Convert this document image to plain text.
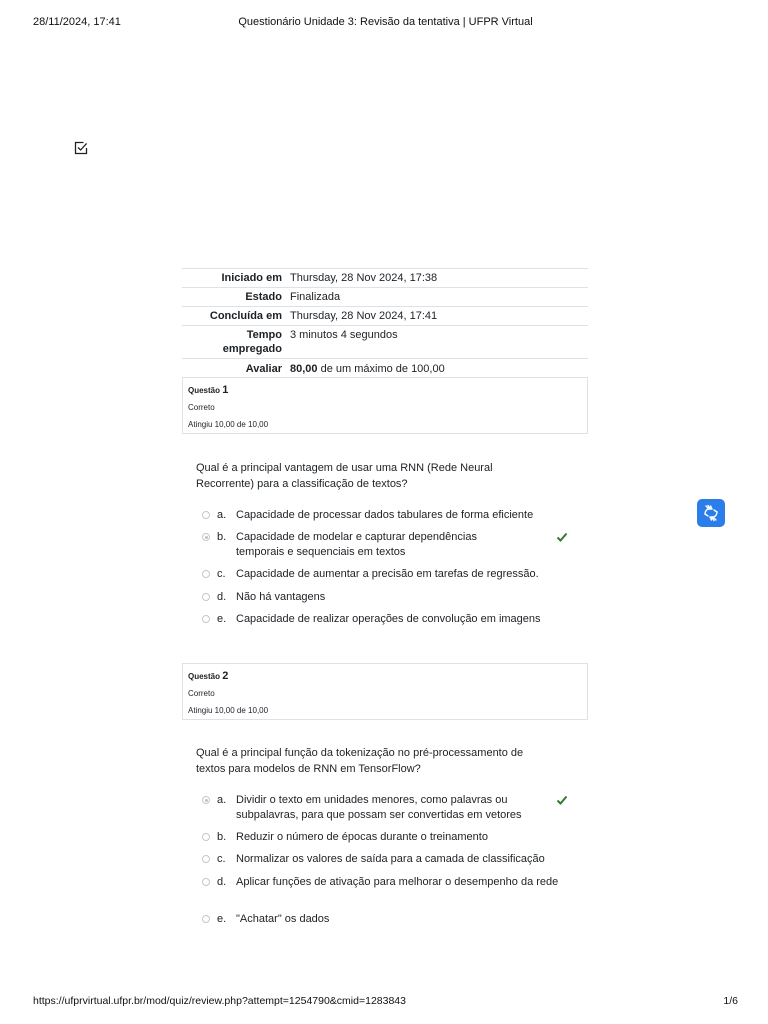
28/11/2024, 17:41	Questionário Unidade 3: Revisão da tentativa | UFPR Virtual
Iniciado em	Thursday, 28 Nov 2024, 17:38
Estado	Finalizada
Concluída em	Thursday, 28 Nov 2024, 17:41
Tempo empregado	3 minutos 4 segundos
Avaliar	80,00 de um máximo de 100,00
Questão 1
Correto
Atingiu 10,00 de 10,00
Qual é a principal vantagem de usar uma RNN (Rede Neural Recorrente) para a classificação de textos?
a. Capacidade de processar dados tabulares de forma eficiente
b. Capacidade de modelar e capturar dependências temporais e sequenciais em textos
c. Capacidade de aumentar a precisão em tarefas de regressão.
d. Não há vantagens
e. Capacidade de realizar operações de convolução em imagens
Questão 2
Correto
Atingiu 10,00 de 10,00
Qual é a principal função da tokenização no pré-processamento de textos para modelos de RNN em TensorFlow?
a. Dividir o texto em unidades menores, como palavras ou subpalavras, para que possam ser convertidas em vetores
b. Reduzir o número de épocas durante o treinamento
c. Normalizar os valores de saída para a camada de classificação
d. Aplicar funções de ativação para melhorar o desempenho da rede
e. "Achatar" os dados
https://ufprvirtual.ufpr.br/mod/quiz/review.php?attempt=1254790&cmid=1283843	1/6
